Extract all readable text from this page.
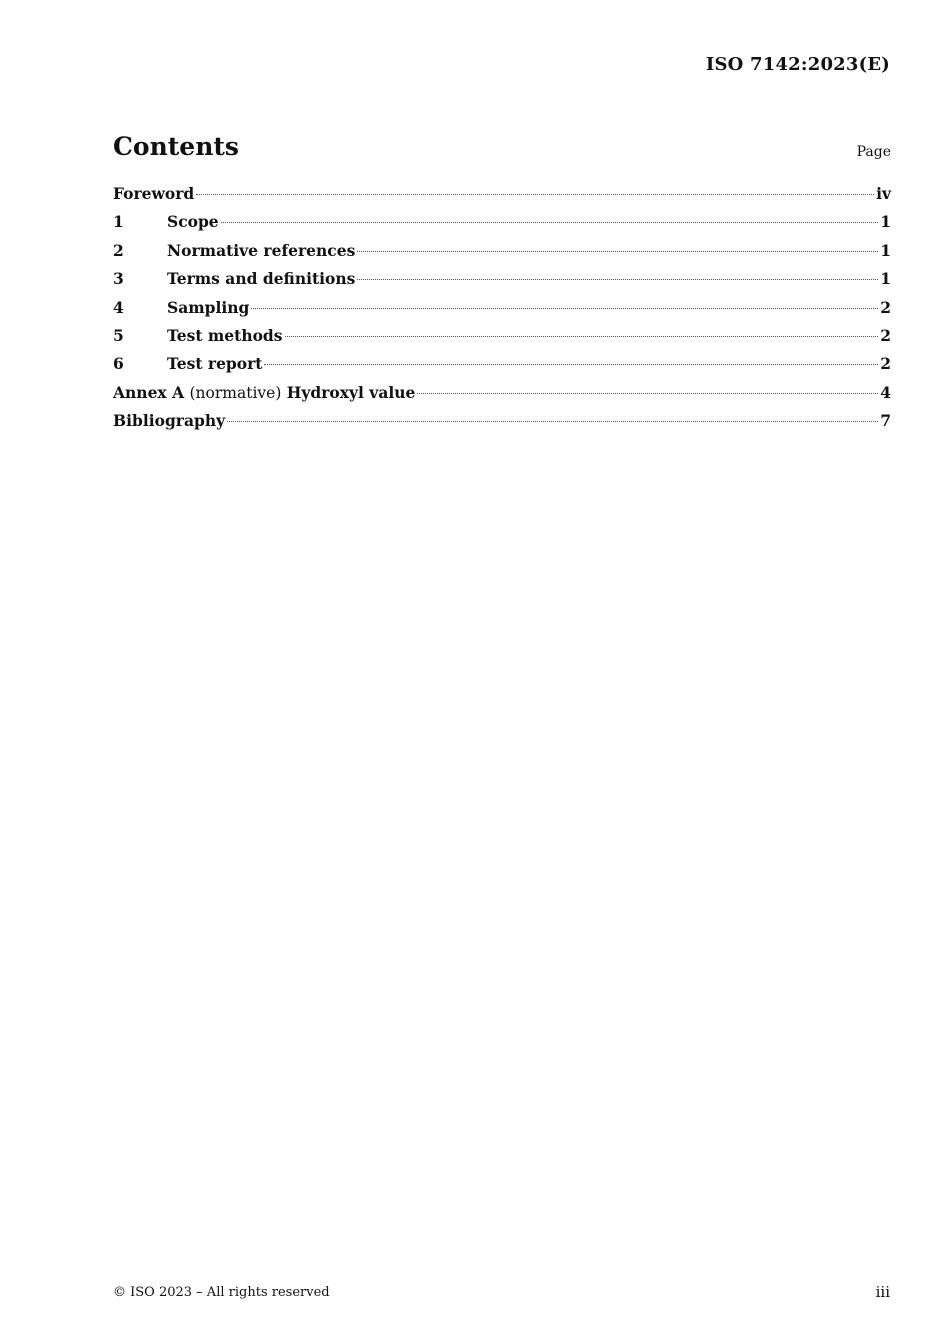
ISO 7142:2023(E)
Contents	Page
Foreword	iv
1	Scope	1
2	Normative references	1
3	Terms and definitions	1
4	Sampling	2
5	Test methods	2
6	Test report	2
Annex A (normative) Hydroxyl value	4
Bibliography	7
© ISO 2023 – All rights reserved	iii
